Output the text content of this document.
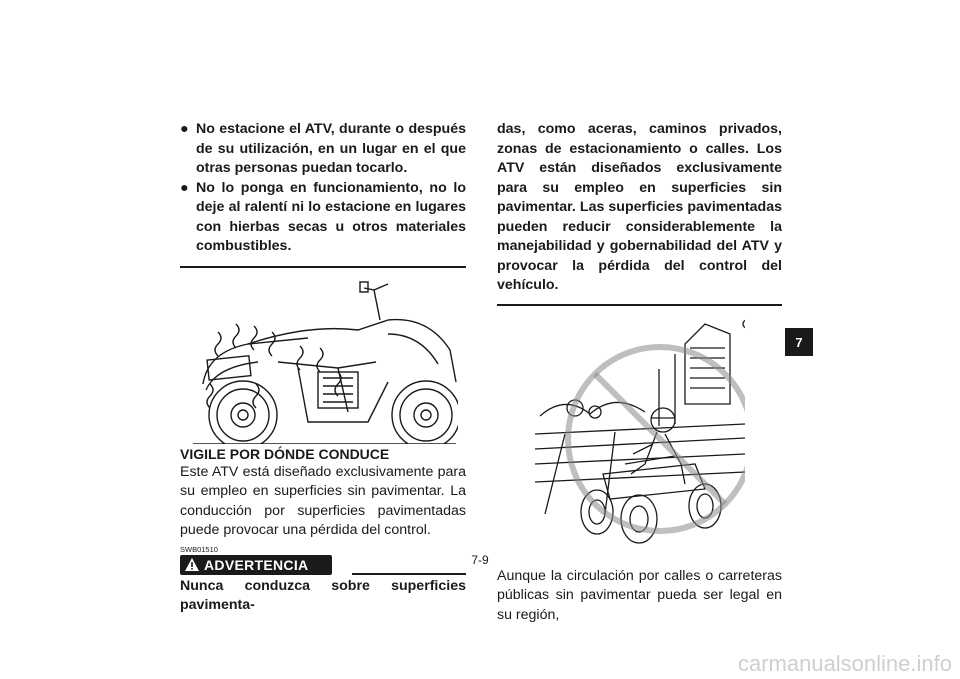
● No estacione el ATV, durante o después de su utilización, en un lugar en el que otras personas puedan tocarlo.
● No lo ponga en funcionamiento, no lo deje al ralentí ni lo estacione en lugares con hierbas secas u otros materiales combustibles.
VIGILE POR DÓNDE CONDUCE
Este ATV está diseñado exclusivamente para su empleo en superficies sin pavimentar. La conducción por superficies pavimentadas puede provocar una pérdida del control.
SWB01510
ADVERTENCIA
Nunca conduzca sobre superficies pavimenta-
das, como aceras, caminos privados, zonas de estacionamiento o calles. Los ATV están diseñados exclusivamente para su empleo en superficies sin pavimentar. Las superficies pavimentadas pueden reducir considerablemente la manejabilidad y gobernabilidad del ATV y provocar la pérdida del control del vehículo.
Aunque la circulación por calles o carreteras públicas sin pavimentar pueda ser legal en su región,
7-9
7
carmanualsonline.info
